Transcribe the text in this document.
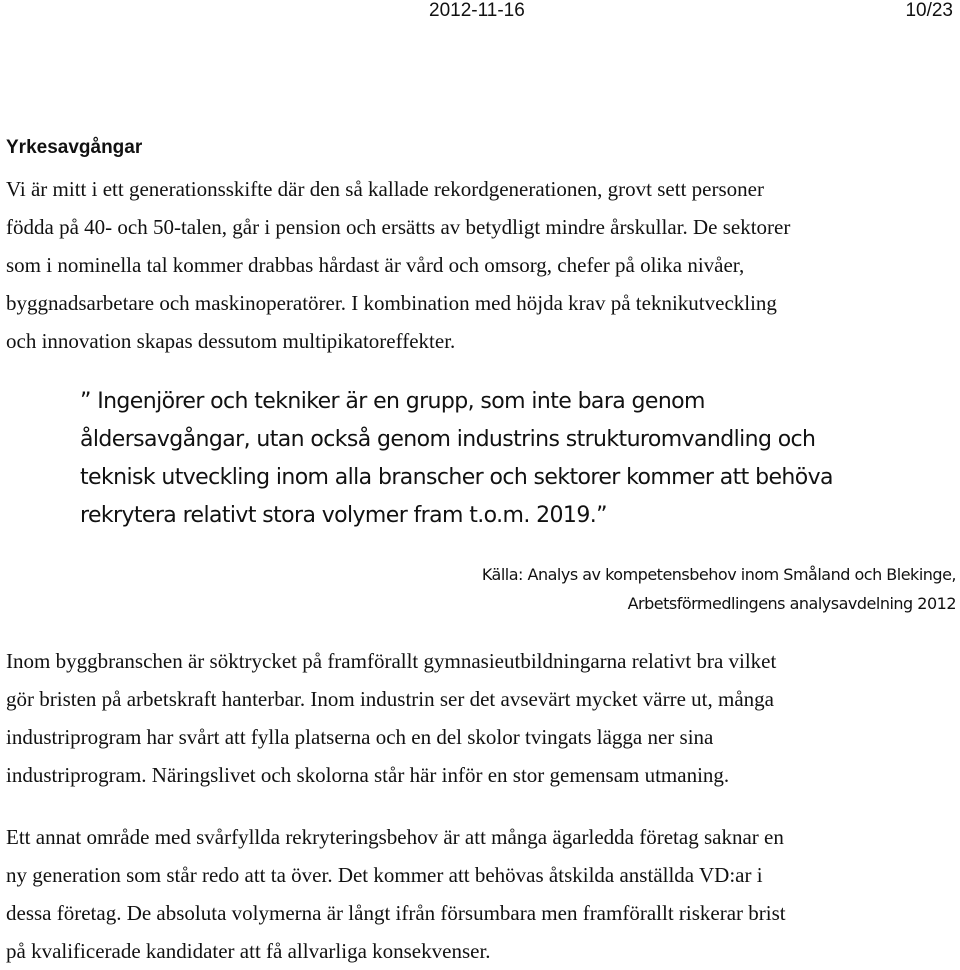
2012-11-16	10/23
Yrkesavgångar

Vi är mitt i ett generationsskifte där den så kallade rekordgenerationen, grovt sett personer
födda på 40- och 50-talen, går i pension och ersätts av betydligt mindre årskullar. De sektorer
som i nominella tal kommer drabbas hårdast är vård och omsorg, chefer på olika nivåer,
byggnadsarbetare och maskinoperatörer. I kombination med höjda krav på teknikutveckling
och innovation skapas dessutom multipikatoreffekter.

” Ingenjörer och tekniker är en grupp, som inte bara genom
åldersavgångar, utan också genom industrins strukturomvandling och
teknisk utveckling inom alla branscher och sektorer kommer att behöva
rekrytera relativt stora volymer fram t.o.m. 2019.”

Källa: Analys av kompetensbehov inom Småland och Blekinge,
Arbetsförmedlingens analysavdelning 2012

Inom byggbranschen är söktrycket på framförallt gymnasieutbildningarna relativt bra vilket
gör bristen på arbetskraft hanterbar. Inom industrin ser det avsevärt mycket värre ut, många
industriprogram har svårt att fylla platserna och en del skolor tvingats lägga ner sina
industriprogram. Näringslivet och skolorna står här inför en stor gemensam utmaning.

Ett annat område med svårfyllda rekryteringsbehov är att många ägarledda företag saknar en
ny generation som står redo att ta över. Det kommer att behövas åtskilda anställda VD:ar i
dessa företag. De absoluta volymerna är långt ifrån försumbara men framförallt riskerar brist
på kvalificerade kandidater att få allvarliga konsekvenser.
